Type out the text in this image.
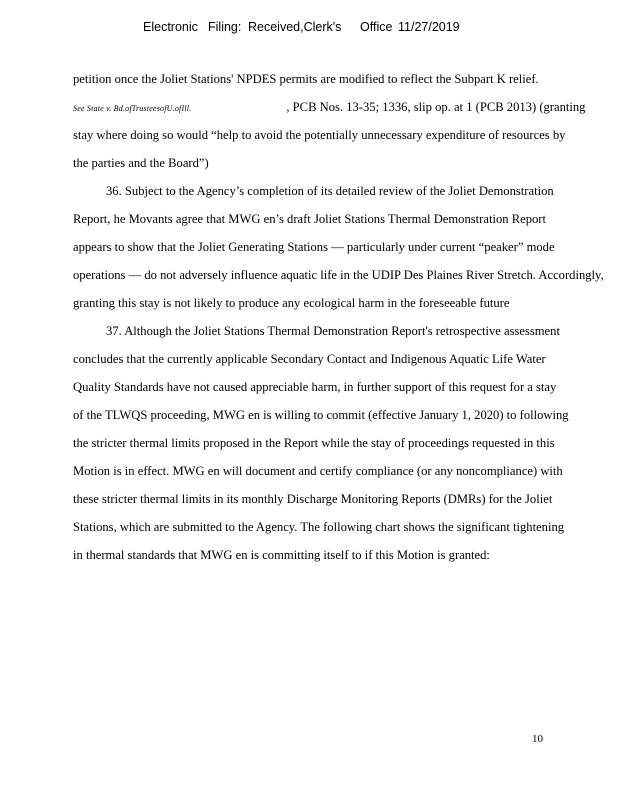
Electronic Filing: Received,Clerk's Office 11/27/2019
petition once the Joliet Stations' NPDES permits are modified to reflect the Subpart K relief.
See State v. Bd.ofTrusteesofU.ofIll.	, PCB Nos. 13-35; 1336, slip op. at 1 (PCB 2013) (granting
stay where doing so would “help to avoid the potentially unnecessary expenditure of resources by
the parties and the Board”)
36. Subject to the Agency’s completion of its detailed review of the Joliet Demonstration
Report, he Movants agree that MWG en’s draft Joliet Stations Thermal Demonstration Report
appears to show that the Joliet Generating Stations — particularly under current “peaker” mode
operations — do not adversely influence aquatic life in the UDIP Des Plaines River Stretch. Accordingly,
granting this stay is not likely to produce any ecological harm in the foreseeable future
37. Although the Joliet Stations Thermal Demonstration Report's retrospective assessment
concludes that the currently applicable Secondary Contact and Indigenous Aquatic Life Water
Quality Standards have not caused appreciable harm, in further support of this request for a stay
of the TLWQS proceeding, MWG en is willing to commit (effective January 1, 2020) to following
the stricter thermal limits proposed in the Report while the stay of proceedings requested in this
Motion is in effect. MWG en will document and certify compliance (or any noncompliance) with
these stricter thermal limits in its monthly Discharge Monitoring Reports (DMRs) for the Joliet
Stations, which are submitted to the Agency. The following chart shows the significant tightening
in thermal standards that MWG en is committing itself to if this Motion is granted:
10
